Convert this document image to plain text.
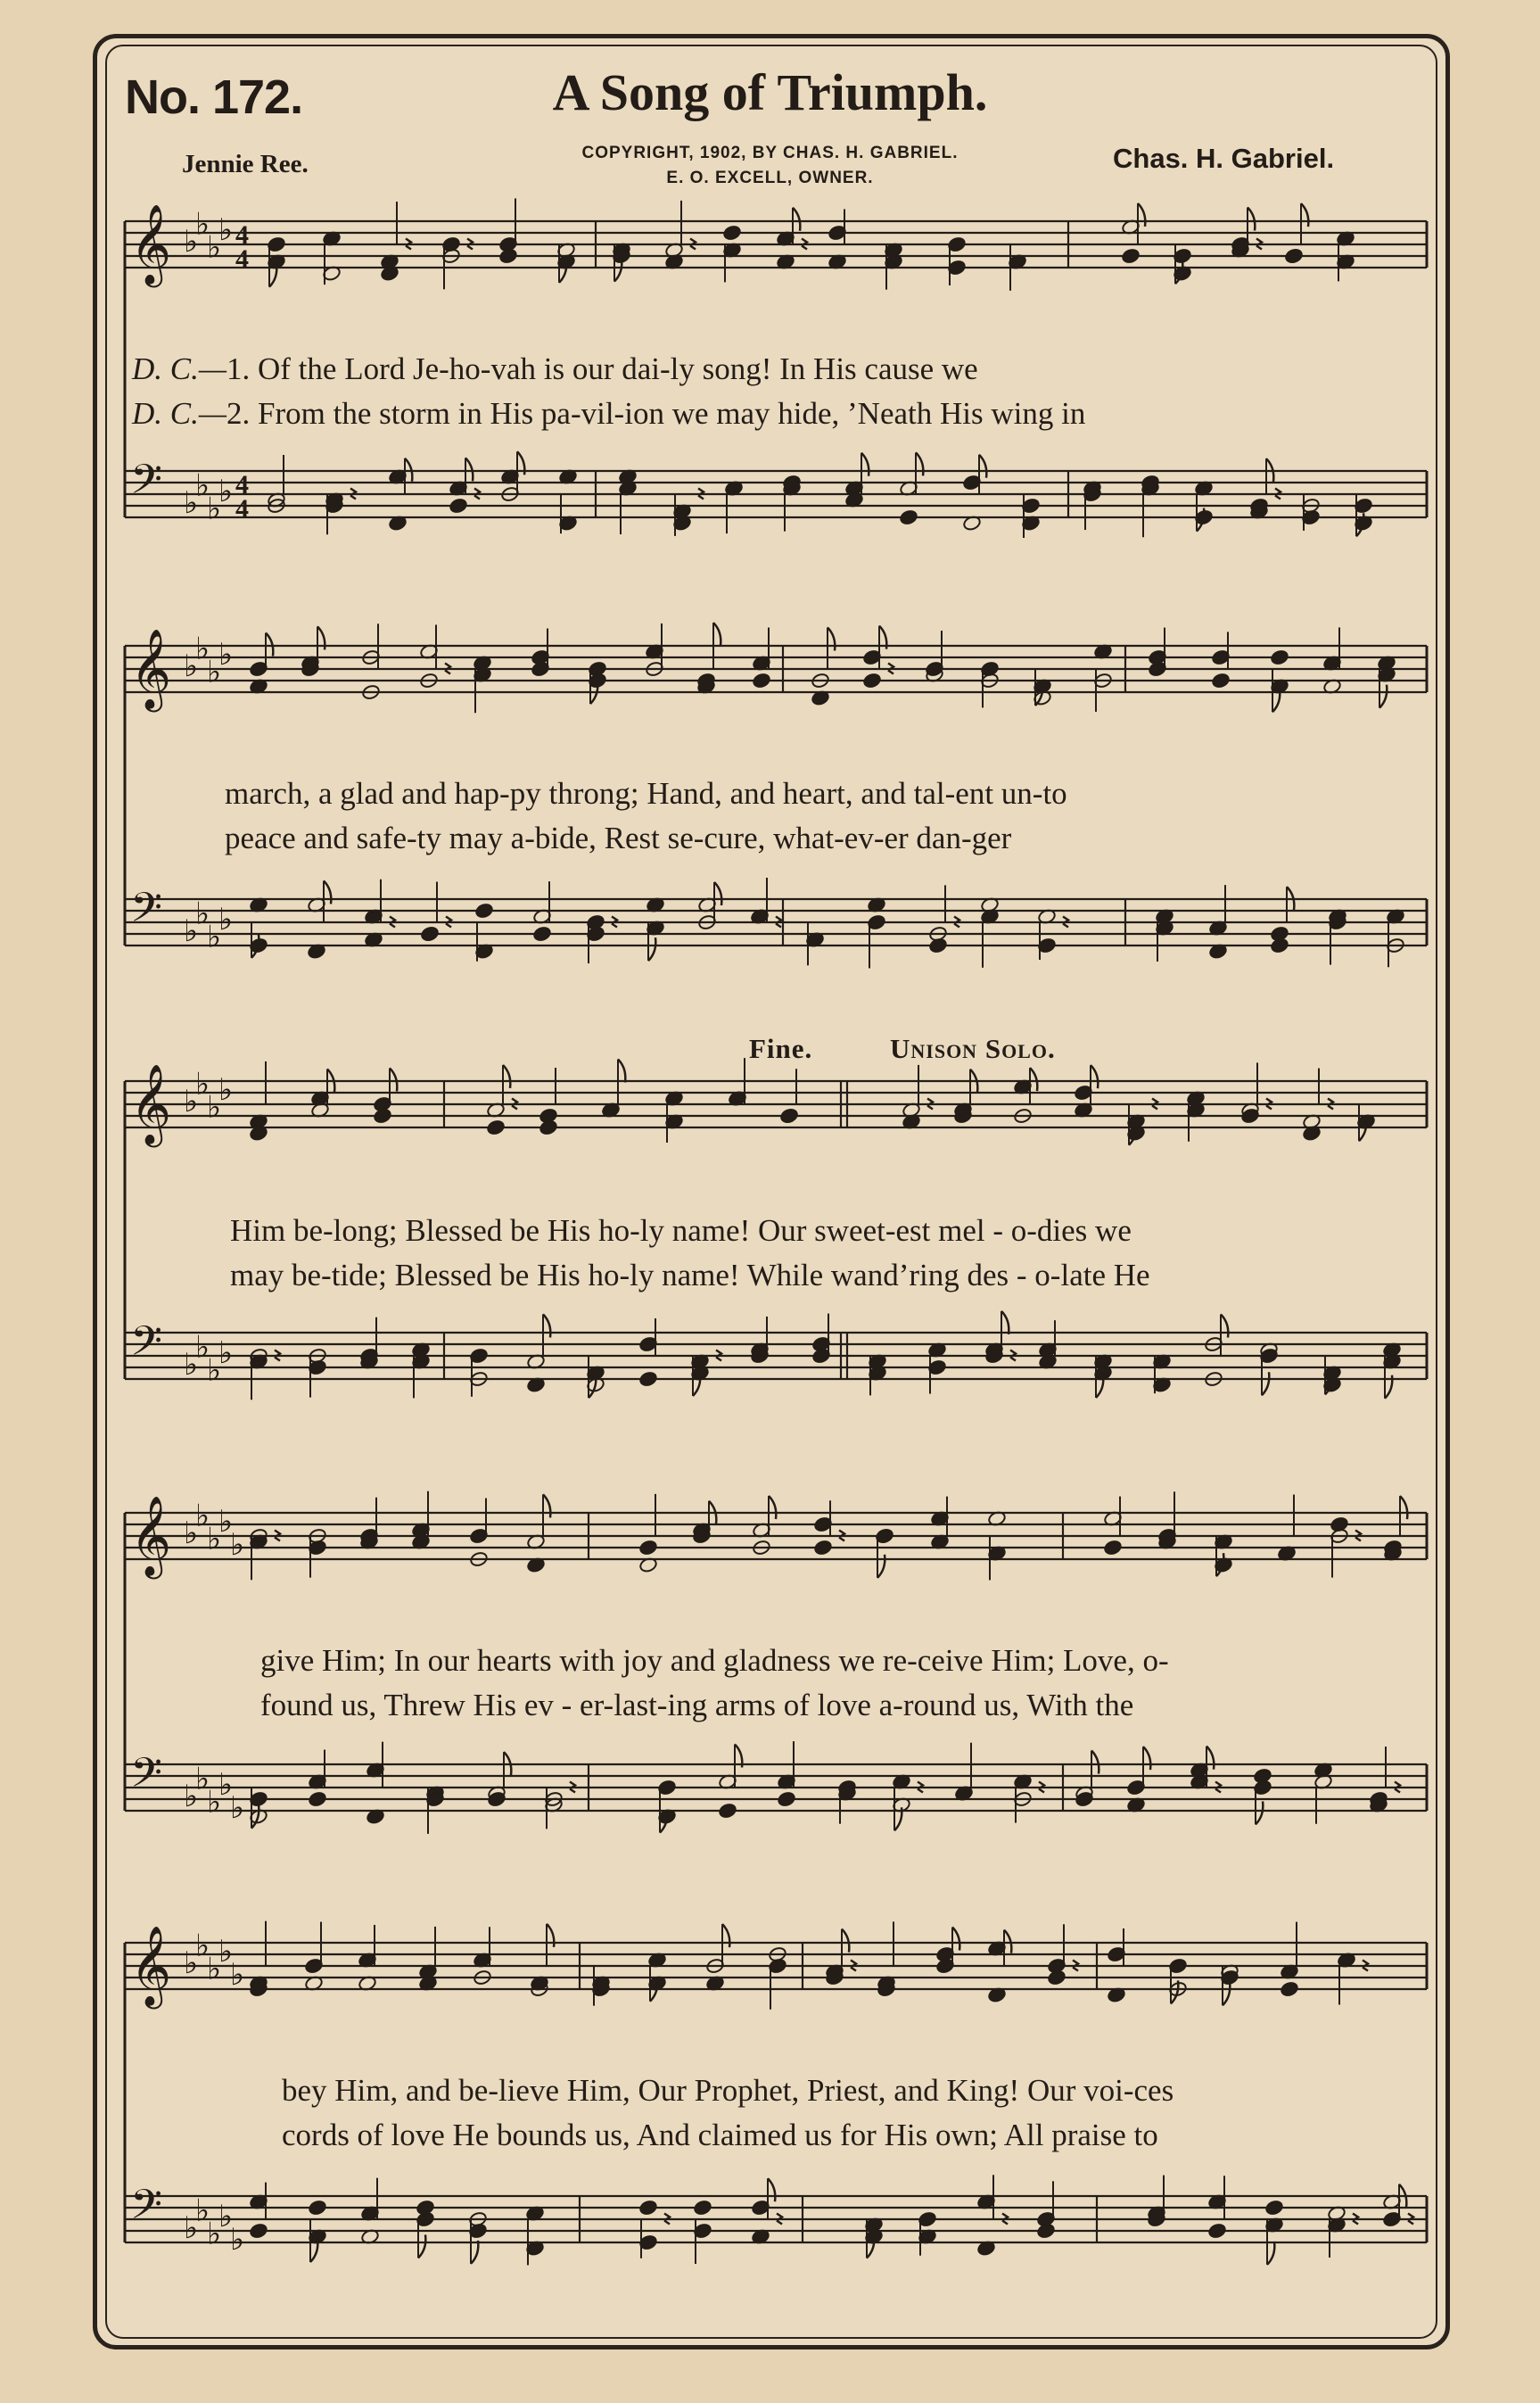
No. 172.	A Song of Triumph.
Jennie Ree.	Chas. H. Gabriel.
COPYRIGHT, 1902, BY CHAS. H. GABRIEL.
E. O. EXCELL, OWNER.
𝄞 ♭
♭
♭
♭ 4
4
𝄢 ♭
♭
♭
♭ 4
4
𝄞 ♭
♭
♭
♭
𝄢 ♭
♭
♭
♭
𝄞 ♭
♭
♭
♭
𝄢 ♭
♭
♭
♭
𝄞 ♭
♭
♭
♭
♭
𝄢 ♭
♭
♭
♭
♭
𝄞 ♭
♭
♭
♭
♭
𝄢 ♭
♭
♭
♭
♭
D. C.—1. Of the Lord Je-ho-vah is our dai-ly song! In His cause we
D. C.—2. From the storm in His pa-vil-ion we may hide, ’Neath His wing in
march, a glad and hap-py throng; Hand, and heart, and tal-ent un-to
peace and safe-ty may a-bide, Rest se-cure, what-ev-er dan-ger
Fine.	Unison Solo.
Him be-long; Blessed be His ho-ly name! Our sweet-est mel - o-dies we
may be-tide; Blessed be His ho-ly name! While wand’ring des - o-late He
give Him; In our hearts with joy and gladness we re-ceive Him; Love, o-
found us, Threw His ev - er-last-ing arms of love a-round us, With the
bey Him, and be-lieve Him, Our Prophet, Priest, and King! Our voi-ces
cords of love He bounds us, And claimed us for His own; All praise to
